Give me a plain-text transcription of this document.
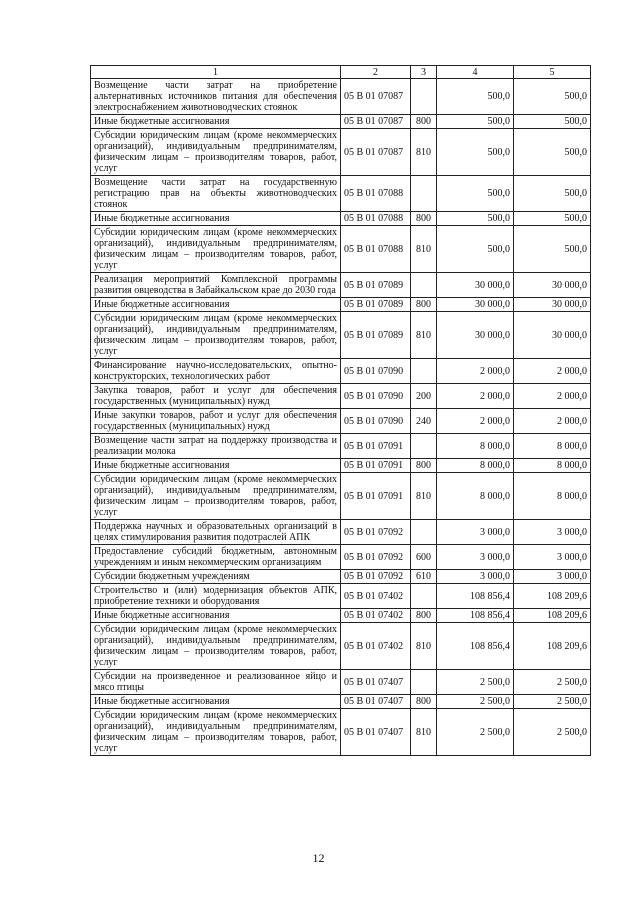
1	2	3	4	5
Возмещение части затрат на приобретение альтернативных источников питания для обеспечения электроснабжением животноводческих стоянок	05 В 01 07087		500,0	500,0
Иные бюджетные ассигнования	05 В 01 07087	800	500,0	500,0
Субсидии юридическим лицам (кроме некоммерческих организаций), индивидуальным предпринимателям, физическим лицам – производителям товаров, работ, услуг	05 В 01 07087	810	500,0	500,0
Возмещение части затрат на государственную регистрацию прав на объекты животноводческих стоянок	05 В 01 07088		500,0	500,0
Иные бюджетные ассигнования	05 В 01 07088	800	500,0	500,0
Субсидии юридическим лицам (кроме некоммерческих организаций), индивидуальным предпринимателям, физическим лицам – производителям товаров, работ, услуг	05 В 01 07088	810	500,0	500,0
Реализация мероприятий Комплексной программы развития овцеводства в Забайкальском крае до 2030 года	05 В 01 07089		30 000,0	30 000,0
Иные бюджетные ассигнования	05 В 01 07089	800	30 000,0	30 000,0
Субсидии юридическим лицам (кроме некоммерческих организаций), индивидуальным предпринимателям, физическим лицам – производителям товаров, работ, услуг	05 В 01 07089	810	30 000,0	30 000,0
Финансирование научно-исследовательских, опытно-конструкторских, технологических работ	05 В 01 07090		2 000,0	2 000,0
Закупка товаров, работ и услуг для обеспечения государственных (муниципальных) нужд	05 В 01 07090	200	2 000,0	2 000,0
Иные закупки товаров, работ и услуг для обеспечения государственных (муниципальных) нужд	05 В 01 07090	240	2 000,0	2 000,0
Возмещение части затрат на поддержку производства и реализации молока	05 В 01 07091		8 000,0	8 000,0
Иные бюджетные ассигнования	05 В 01 07091	800	8 000,0	8 000,0
Субсидии юридическим лицам (кроме некоммерческих организаций), индивидуальным предпринимателям, физическим лицам – производителям товаров, работ, услуг	05 В 01 07091	810	8 000,0	8 000,0
Поддержка научных и образовательных организаций в целях стимулирования развития подотраслей АПК	05 В 01 07092		3 000,0	3 000,0
Предоставление субсидий бюджетным, автономным учреждениям и иным некоммерческим организациям	05 В 01 07092	600	3 000,0	3 000,0
Субсидии бюджетным учреждениям	05 В 01 07092	610	3 000,0	3 000,0
Строительство и (или) модернизация объектов АПК, приобретение техники и оборудования	05 В 01 07402		108 856,4	108 209,6
Иные бюджетные ассигнования	05 В 01 07402	800	108 856,4	108 209,6
Субсидии юридическим лицам (кроме некоммерческих организаций), индивидуальным предпринимателям, физическим лицам – производителям товаров, работ, услуг	05 В 01 07402	810	108 856,4	108 209,6
Субсидии на произведенное и реализованное яйцо и мясо птицы	05 В 01 07407		2 500,0	2 500,0
Иные бюджетные ассигнования	05 В 01 07407	800	2 500,0	2 500,0
Субсидии юридическим лицам (кроме некоммерческих организаций), индивидуальным предпринимателям, физическим лицам – производителям товаров, работ, услуг	05 В 01 07407	810	2 500,0	2 500,0
12
